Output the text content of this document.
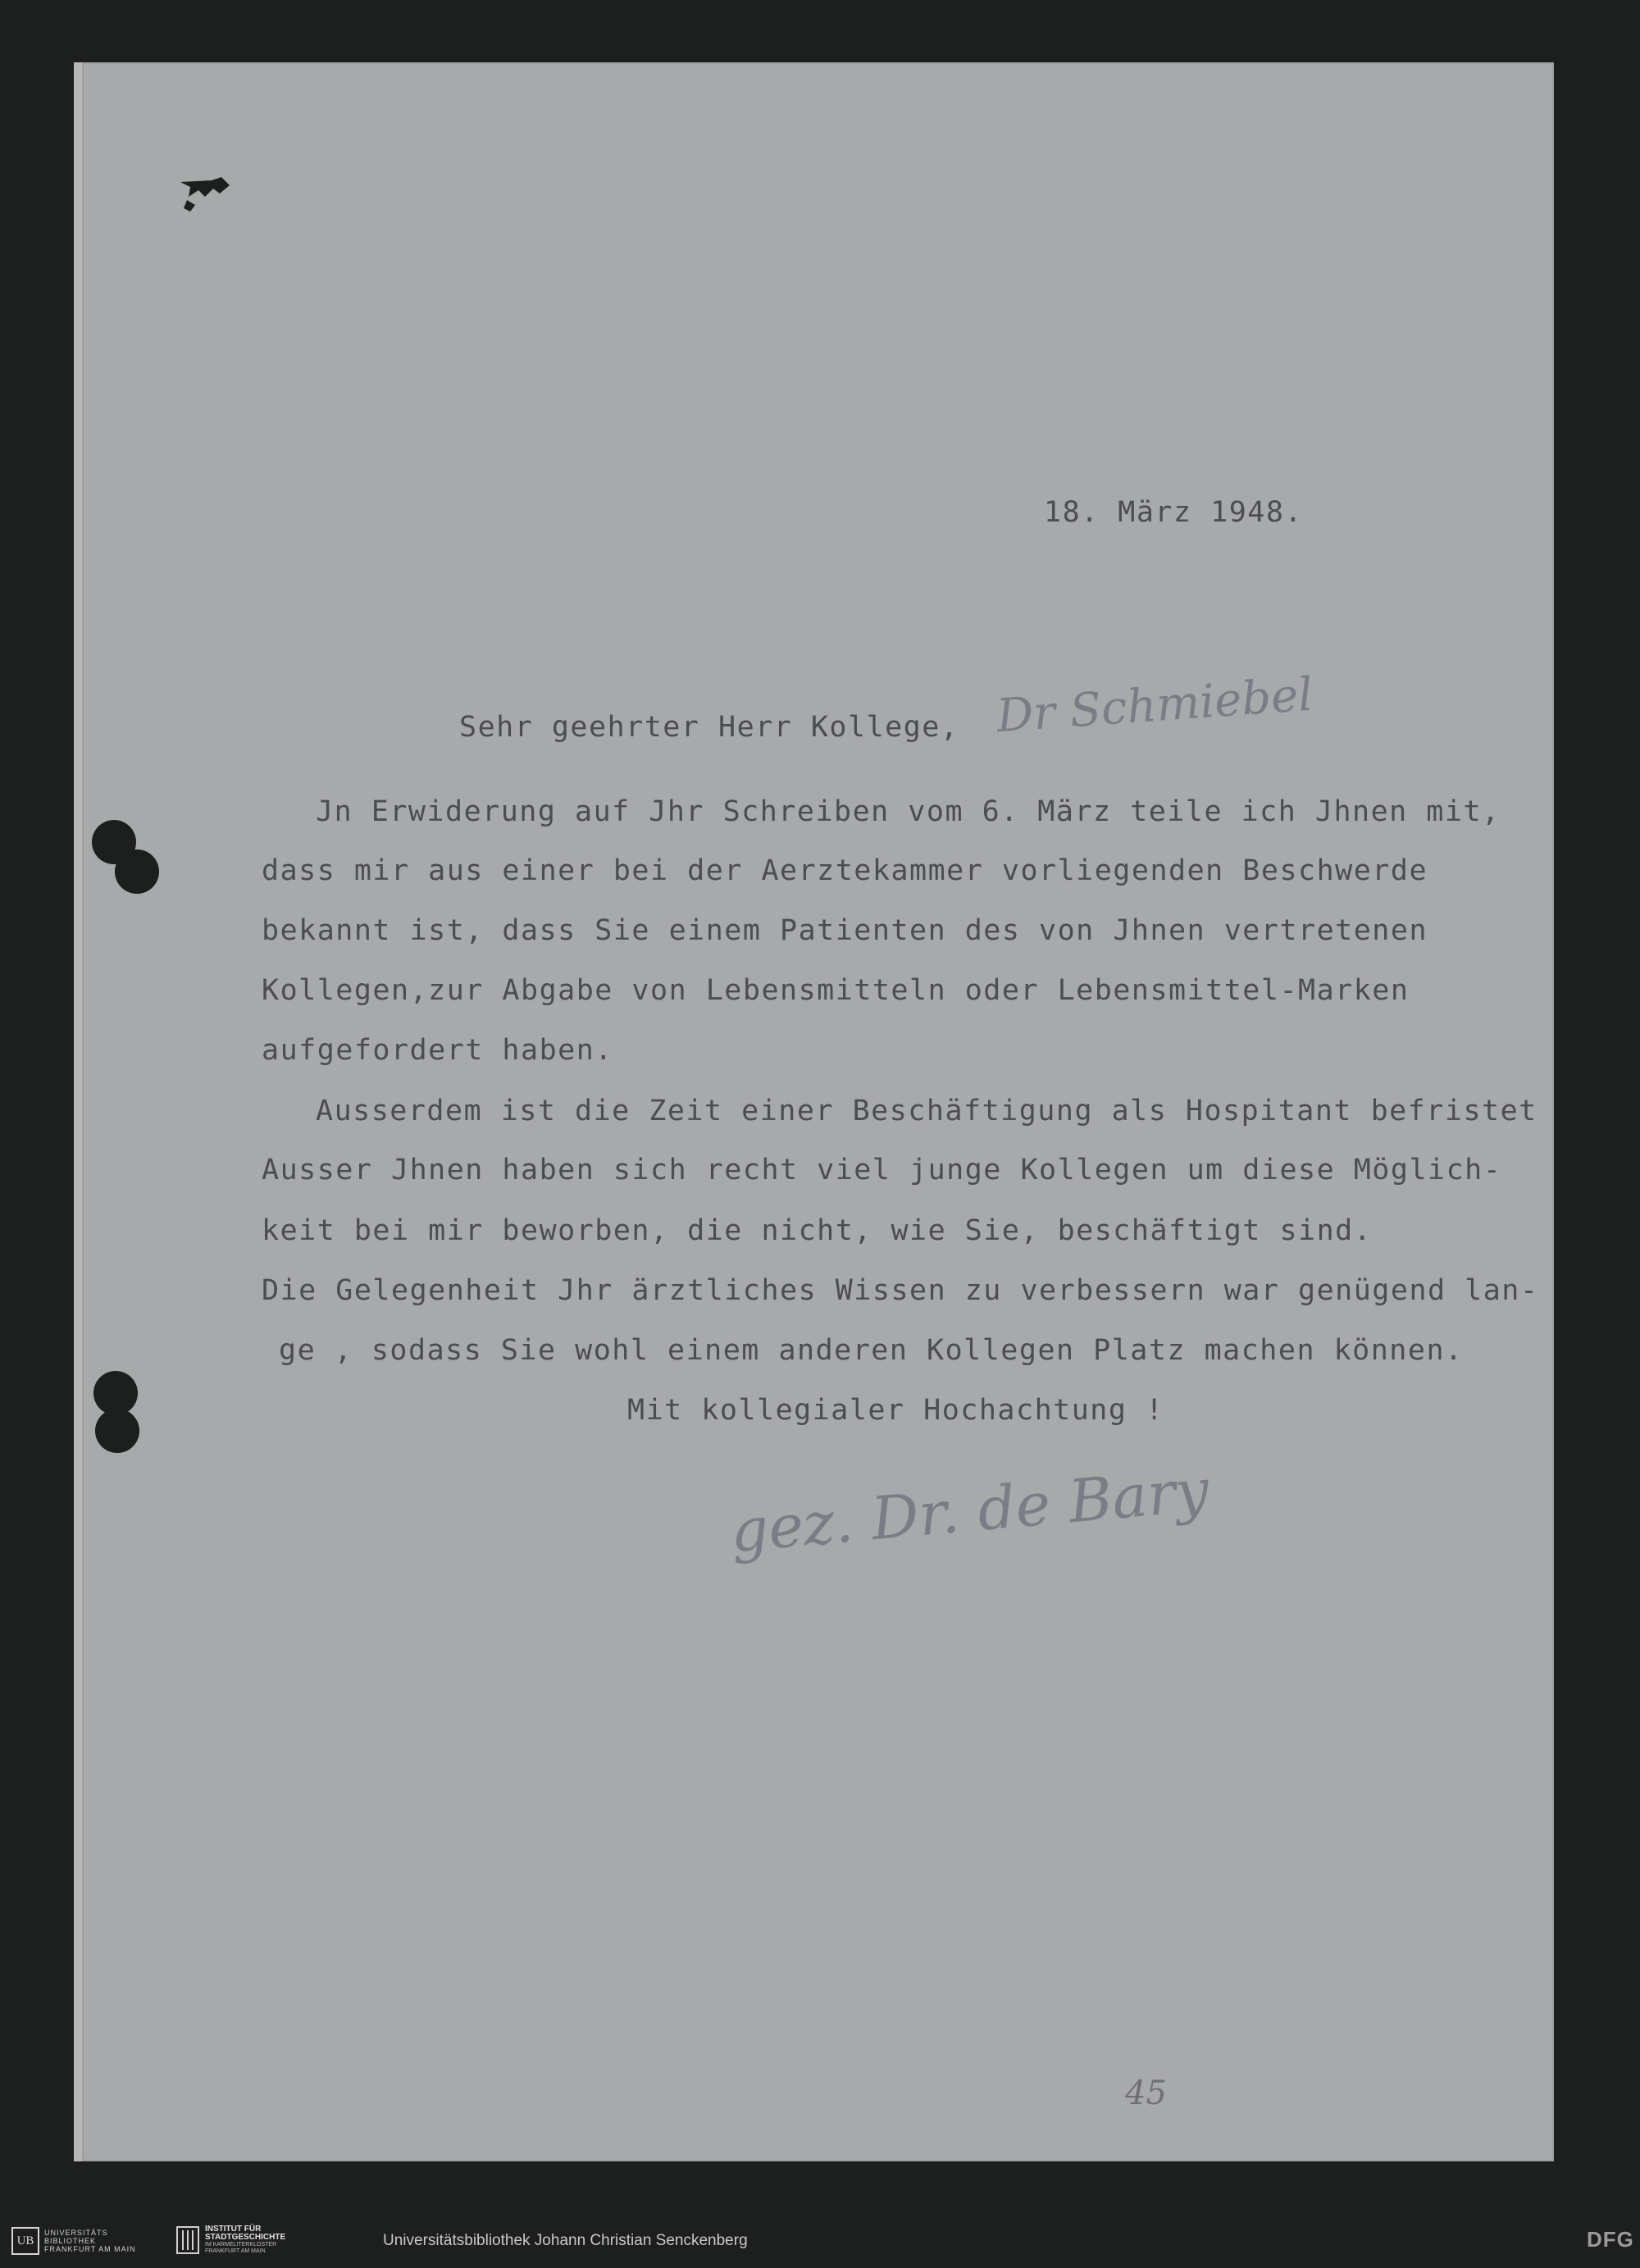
18. März 1948.
Sehr geehrter Herr Kollege, Dr Schmiebel
Jn Erwiderung auf Jhr Schreiben vom 6. März teile ich Jhnen mit,
dass mir aus einer bei der Aerztekammer vorliegenden Beschwerde
bekannt ist, dass Sie einem Patienten des von Jhnen vertretenen
Kollegen,zur Abgabe von Lebensmitteln oder Lebensmittel-Marken
aufgefordert haben.
Ausserdem ist die Zeit einer Beschäftigung als Hospitant befristet
Ausser Jhnen haben sich recht viel junge Kollegen um diese Möglich-
keit bei mir beworben, die nicht, wie Sie, beschäftigt sind.
Die Gelegenheit Jhr ärztliches Wissen zu verbessern war genügend lan-
ge , sodass Sie wohl einem anderen Kollegen Platz machen können.
Mit kollegialer Hochachtung !
gez. Dr. de Bary
45
UB
UNIVERSITÄTS
BIBLIOTHEK
FRANKFURT AM MAIN
INSTITUT FÜR
STADTGESCHICHTE
IM KARMELITERKLOSTER
FRANKFURT AM MAIN
Universitätsbibliothek Johann Christian Senckenberg	DFG
